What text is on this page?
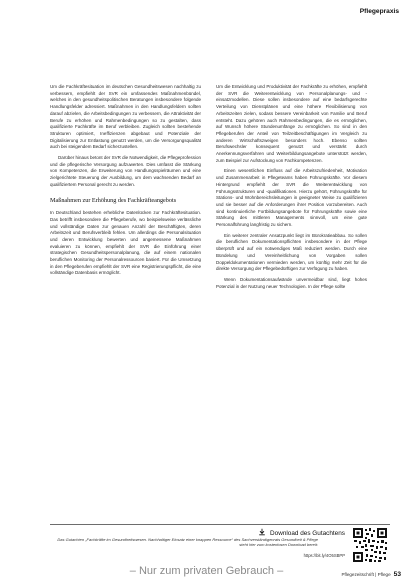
Pflegepraxis

Um die Fachkräftesituation im deutschen Gesundheitswesen nachhaltig zu verbessern, empfiehlt der SVR ein umfassendes Maßnahmenbündel, welches in den gesundheitspolitischen Beratungen insbesondere folgende Handlungsfelder adressiert. Maßnahmen in den Handlungsfeldern sollten darauf abzielen, die Arbeitsbedingungen zu verbessern, die Attraktivität der Berufe zu erhöhen und Rahmenbedingungen so zu gestalten, dass qualifizierte Fachkräfte im Beruf verbleiben. Zugleich sollten bestehende Strukturen optimiert, Ineffizienzen abgebaut und Potenziale der Digitalisierung zur Entlastung genutzt werden, um die Versorgungsqualität auch bei steigendem Bedarf sicherzustellen.

Darüber hinaus betont der SVR die Notwendigkeit, die Pflegeprofession und die pflegerische Versorgung aufzuwerten. Dies umfasst die Stärkung von Kompetenzen, die Erweiterung von Handlungsspielräumen und eine zielgerichtete Steuerung der Ausbildung, um dem wachsenden Bedarf an qualifiziertem Personal gerecht zu werden.

Maßnahmen zur Erhöhung des Fachkräfteangebots

In Deutschland bestehen erhebliche Datenlücken zur Fachkräftesituation. Das betrifft insbesondere die Pflegeberufe, wo beispielsweise verlässliche und vollständige Daten zur genauen Anzahl der Beschäftigten, deren Arbeitszeit und Berufsverbleib fehlen. Um allerdings die Personalsituation und deren Entwicklung bewerten und angemessene Maßnahmen evaluieren zu können, empfiehlt der SVR die Einführung einer strategischen Gesundheitspersonalplanung, die auf einem nationalen beruflichen Monitoring der Personalressourcen basiert. Für die Umsetzung in den Pflegeberufen empfiehlt der SVR eine Registrierungspflicht, die eine vollständige Datenbasis ermöglicht.

Um die Entwicklung und Produktivität der Fachkräfte zu erhöhen, empfiehlt der SVR die Weiterentwicklung von Personalplanungs- und -einsatzmodellen. Diese sollen insbesondere auf eine bedarfsgerechte Verteilung von Dienstplänen und eine höhere Flexibilisierung von Arbeitszeiten zielen, sodass bessere Vereinbarkeit von Familie und Beruf entsteht. Dazu gehören auch Rahmenbedingungen, die es ermöglichen, auf Wunsch höhere Stundenumfänge zu ermöglichen. So sind in den Pflegeberufen der Anteil von Teilzeitbeschäftigungen im Vergleich zu anderen Wirtschaftszweigen besonders hoch. Ebenso sollten Berufswechsler konsequent genutzt und verstärkt durch Anerkennungsverfahren und Weiterbildungsangebote unterstützt werden, zum Beispiel zur Aufstockung von Fachkompetenzen.

Einen wesentlichen Einfluss auf die Arbeitszufriedenheit, Motivation und Zusammenarbeit in Pflegeteams haben Führungskräfte. Vor diesem Hintergrund empfiehlt der SVR die Weiterentwicklung von Führungsstrukturen und -qualifikationen. Hierzu gehört, Führungskräfte für Stations- und Wohnbereichsleitungen in geeigneter Weise zu qualifizieren und sie besser auf die Anforderungen ihrer Position vorzubereiten. Auch sind kontinuierliche Fortbildungsangebote für Führungskräfte sowie eine Stärkung des mittleren Managements sinnvoll, um eine gute Personalführung langfristig zu sichern.

Ein weiterer zentraler Ansatzpunkt liegt im Bürokratieabbau. So sollen die beruflichen Dokumentationspflichten insbesondere in der Pflege überprüft und auf ein notwendiges Maß reduziert werden. Durch eine Bündelung und Vereinheitlichung von Vorgaben sollen Doppeldokumentationen vermieden werden, um künftig mehr Zeit für die direkte Versorgung der Pflegebedürftigen zur Verfügung zu haben.

Wenn Dokumentationsaufwände unvermeidbar sind, liegt hohes Potenzial in der Nutzung neuer Technologien. In der Pflege sollte

Download des Gutachtens
Das Gutachten „Fachkräfte im Gesundheitswesen. Nachhaltiger Einsatz einer knappen Ressource“ des Sachverständigenrats Gesundheit & Pflege steht hier zum kostenlosen Download bereit:
https://bit.ly/4O5SBPP
– Nur zum privaten Gebrauch –	Pflegezeitschrift | Pflege 53
